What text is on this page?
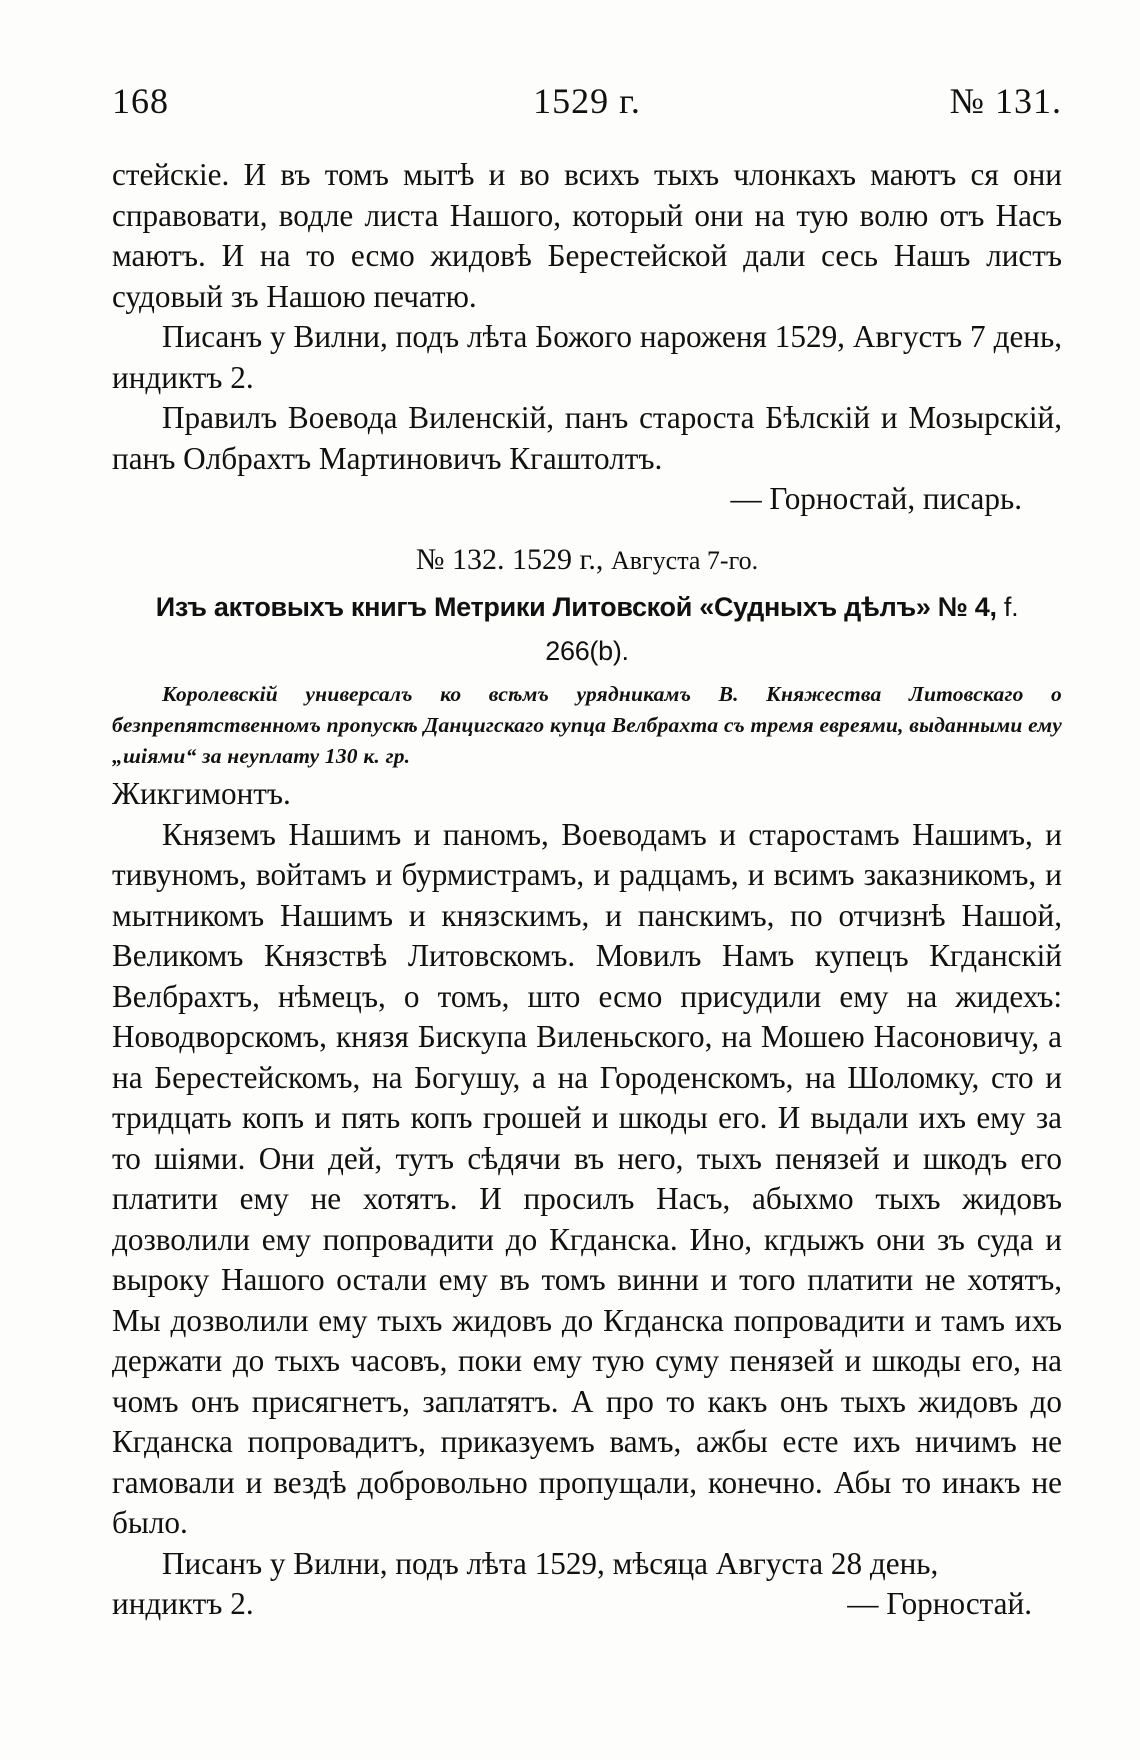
1529 г.
168	№ 131.

стейскіе. И въ томъ мытѣ и во всихъ тыхъ члонкахъ маютъ ся они справовати, водле листа Нашого, который они на тую волю отъ Насъ маютъ. И на то есмо жидовѣ Берестейской дали сесь Нашъ листъ судовый зъ Нашою печатю.

Писанъ у Вилни, подъ лѣта Божого нароженя 1529, Августъ 7 день, индиктъ 2.

Правилъ Воевода Виленскій, панъ староста Бѣлскій и Мозырскій, панъ Олбрахтъ Мартиновичъ Кгаштолтъ.

— Горностай, писарь.

№ 132. 1529 г., Августа 7-го.

Изъ актовыхъ книгъ Метрики Литовской «Судныхъ дѣлъ» № 4, f. 266(b).

Королевскій универсалъ ко всѣмъ урядникамъ В. Княжества Литовскаго о безпрепятственномъ пропускѣ Данцигскаго купца Велбрахта съ тремя евреями, выданными ему „шіями“ за неуплату 130 к. гр.

Жикгимонтъ.

Княземъ Нашимъ и паномъ, Воеводамъ и старостамъ Нашимъ, и тивуномъ, войтамъ и бурмистрамъ, и радцамъ, и всимъ заказникомъ, и мытникомъ Нашимъ и князскимъ, и панскимъ, по отчизнѣ Нашой, Великомъ Князствѣ Литовскомъ. Мовилъ Намъ купецъ Кгданскій Велбрахтъ, нѣмецъ, о томъ, што есмо присудили ему на жидехъ: Новодворскомъ, князя Бискупа Виленьского, на Мошею Насоновичу, а на Берестейскомъ, на Богушу, а на Городенскомъ, на Шоломку, сто и тридцать копъ и пять копъ грошей и шкоды его. И выдали ихъ ему за то шіями. Они дей, тутъ сѣдячи въ него, тыхъ пенязей и шкодъ его платити ему не хотятъ. И просилъ Насъ, абыхмо тыхъ жидовъ дозволили ему попровадити до Кгданска. Ино, кгдыжъ они зъ суда и выроку Нашого остали ему въ томъ винни и того платити не хотятъ, Мы дозволили ему тыхъ жидовъ до Кгданска попровадити и тамъ ихъ держати до тыхъ часовъ, поки ему тую суму пенязей и шкоды его, на чомъ онъ присягнетъ, заплатятъ. А про то какъ онъ тыхъ жидовъ до Кгданска попровадитъ, приказуемъ вамъ, ажбы есте ихъ ничимъ не гамовали и вездѣ добровольно пропущали, конечно. Абы то инакъ не было.

Писанъ у Вилни, подъ лѣта 1529, мѣсяца Августа 28 день,

индиктъ 2.	— Горностай.
